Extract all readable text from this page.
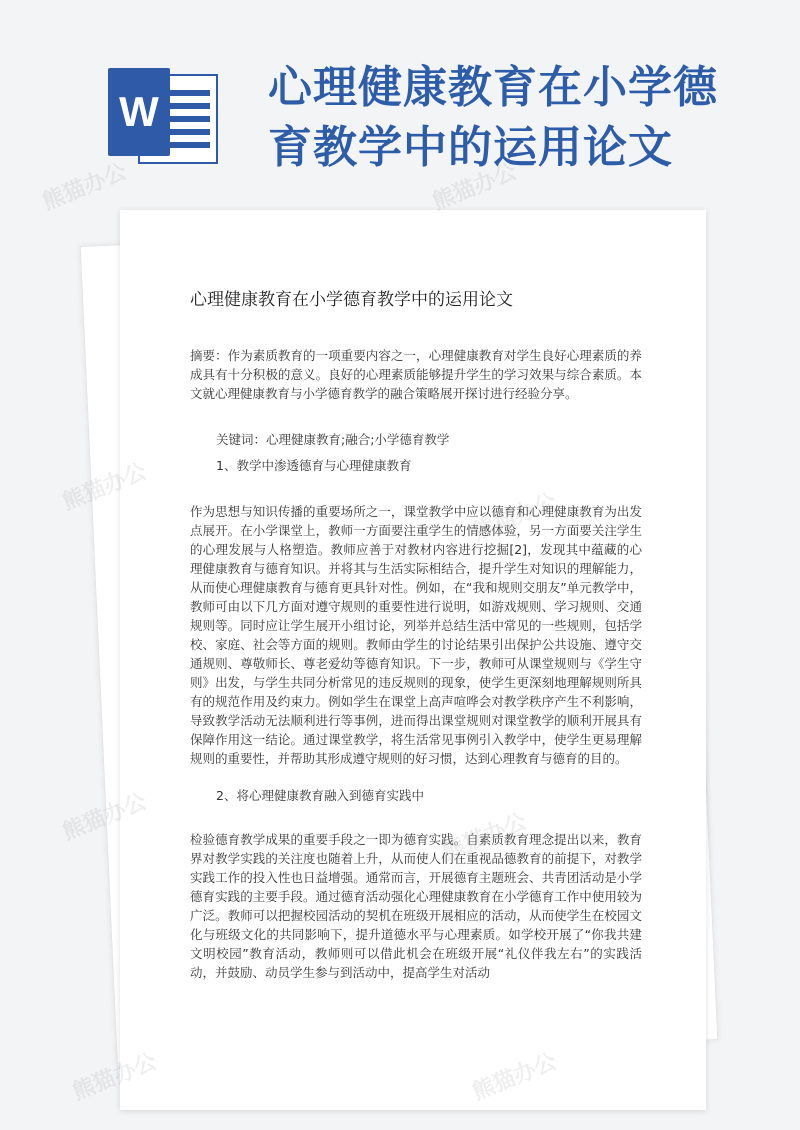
W 心理健康教育在小学德育教学中的运用论文
心理健康教育在小学德育教学中的运用论文
摘要：作为素质教育的一项重要内容之一，心理健康教育对学生良好心理素质的养成具有十分积极的意义。良好的心理素质能够提升学生的学习效果与综合素质。本文就心理健康教育与小学德育教学的融合策略展开探讨进行经验分享。
关键词：心理健康教育;融合;小学德育教学
1、教学中渗透德育与心理健康教育
作为思想与知识传播的重要场所之一，课堂教学中应以德育和心理健康教育为出发点展开。在小学课堂上，教师一方面要注重学生的情感体验，另一方面要关注学生的心理发展与人格塑造。教师应善于对教材内容进行挖掘[2]，发现其中蕴藏的心理健康教育与德育知识。并将其与生活实际相结合，提升学生对知识的理解能力，从而使心理健康教育与德育更具针对性。例如，在“我和规则交朋友”单元教学中，教师可由以下几方面对遵守规则的重要性进行说明，如游戏规则、学习规则、交通规则等。同时应让学生展开小组讨论，列举并总结生活中常见的一些规则，包括学校、家庭、社会等方面的规则。教师由学生的讨论结果引出保护公共设施、遵守交通规则、尊敬师长、尊老爱幼等德育知识。下一步，教师可从课堂规则与《学生守则》出发，与学生共同分析常见的违反规则的现象，使学生更深刻地理解规则所具有的规范作用及约束力。例如学生在课堂上高声喧哗会对教学秩序产生不利影响，导致教学活动无法顺利进行等事例，进而得出课堂规则对课堂教学的顺利开展具有保障作用这一结论。通过课堂教学，将生活常见事例引入教学中，使学生更易理解规则的重要性，并帮助其形成遵守规则的好习惯，达到心理教育与德育的目的。
2、将心理健康教育融入到德育实践中
检验德育教学成果的重要手段之一即为德育实践。自素质教育理念提出以来，教育界对教学实践的关注度也随着上升，从而使人们在重视品德教育的前提下，对教学实践工作的投入性也日益增强。通常而言，开展德育主题班会、共青团活动是小学德育实践的主要手段。通过德育活动强化心理健康教育在小学德育工作中使用较为广泛。教师可以把握校园活动的契机在班级开展相应的活动，从而使学生在校园文化与班级文化的共同影响下，提升道德水平与心理素质。如学校开展了“你我共建文明校园”教育活动，教师则可以借此机会在班级开展“礼仪伴我左右”的实践活动，并鼓励、动员学生参与到活动中，提高学生对活动
熊猫办公
